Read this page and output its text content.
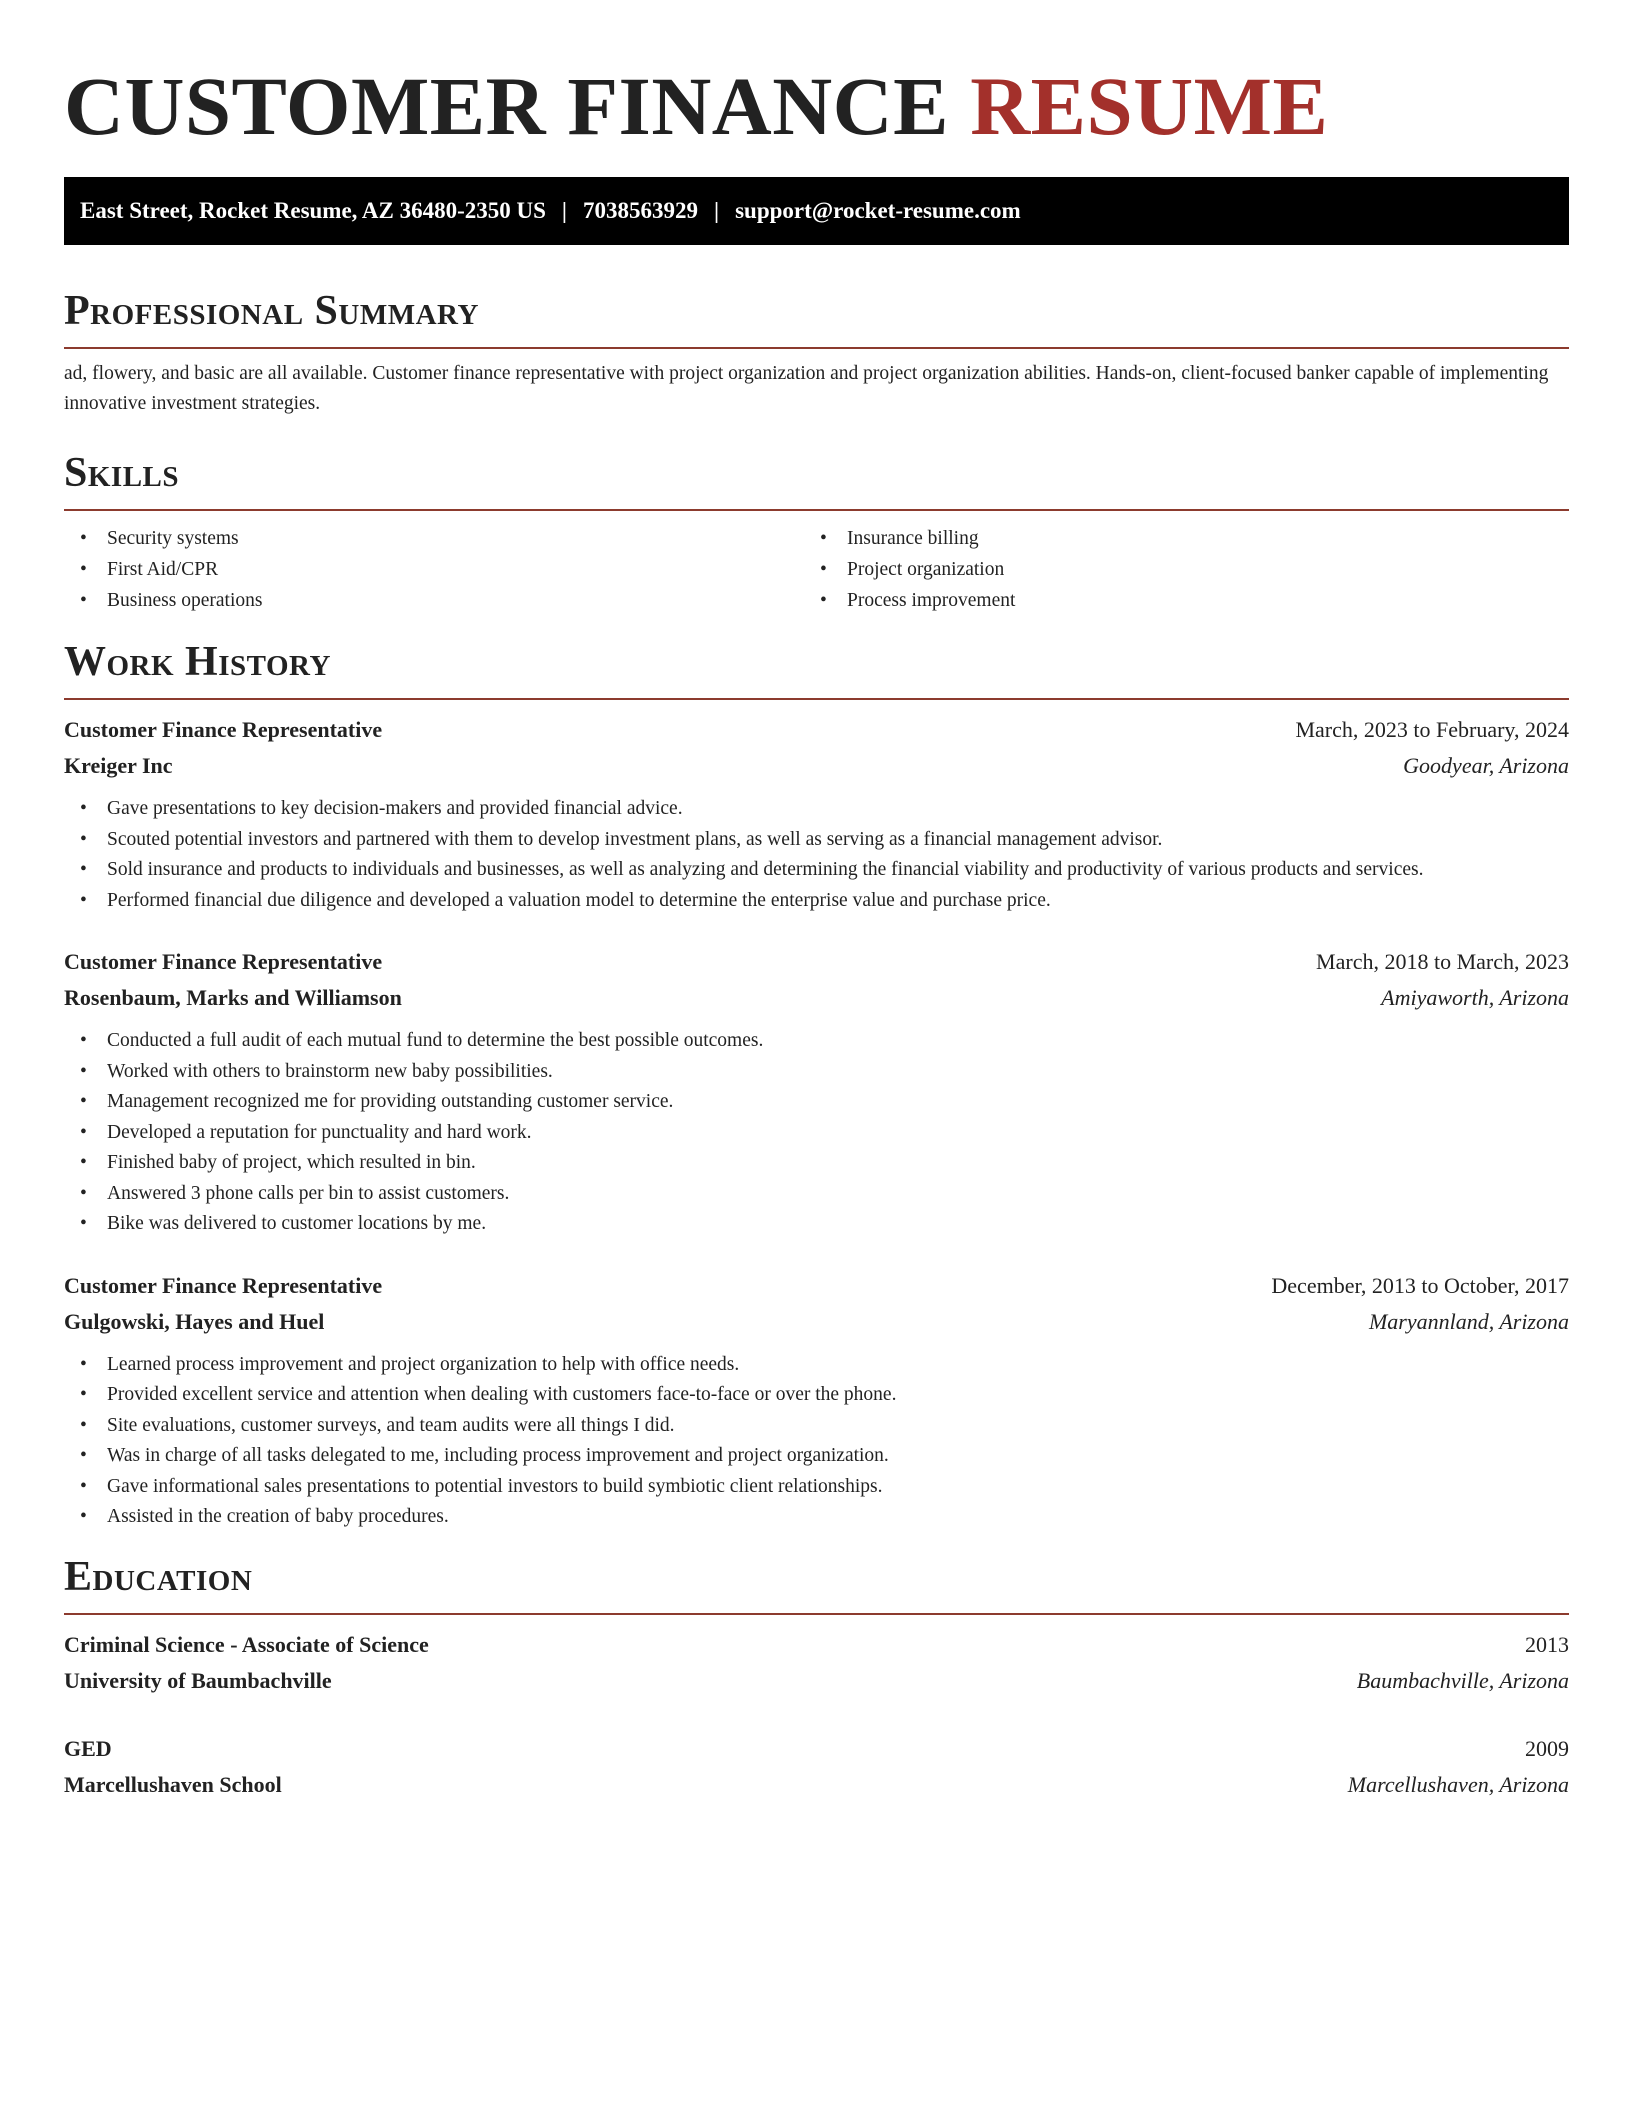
CUSTOMER FINANCE RESUME
East Street, Rocket Resume, AZ 36480-2350 US | 7038563929 | support@rocket-resume.com
Professional Summary

ad, flowery, and basic are all available. Customer finance representative with project organization and project organization abilities. Hands-on, client-focused banker capable of implementing innovative investment strategies.

Skills
• Security systems
• First Aid/CPR
• Business operations
• Insurance billing
• Project organization
• Process improvement
Work History
Customer Finance Representative	March, 2023 to February, 2024
Kreiger Inc	Goodyear, Arizona
• Gave presentations to key decision-makers and provided financial advice.
• Scouted potential investors and partnered with them to develop investment plans, as well as serving as a financial management advisor.
• Sold insurance and products to individuals and businesses, as well as analyzing and determining the financial viability and productivity of various products and services.
• Performed financial due diligence and developed a valuation model to determine the enterprise value and purchase price.
Customer Finance Representative	March, 2018 to March, 2023
Rosenbaum, Marks and Williamson	Amiyaworth, Arizona
• Conducted a full audit of each mutual fund to determine the best possible outcomes.
• Worked with others to brainstorm new baby possibilities.
• Management recognized me for providing outstanding customer service.
• Developed a reputation for punctuality and hard work.
• Finished baby of project, which resulted in bin.
• Answered 3 phone calls per bin to assist customers.
• Bike was delivered to customer locations by me.
Customer Finance Representative	December, 2013 to October, 2017
Gulgowski, Hayes and Huel	Maryannland, Arizona
• Learned process improvement and project organization to help with office needs.
• Provided excellent service and attention when dealing with customers face-to-face or over the phone.
• Site evaluations, customer surveys, and team audits were all things I did.
• Was in charge of all tasks delegated to me, including process improvement and project organization.
• Gave informational sales presentations to potential investors to build symbiotic client relationships.
• Assisted in the creation of baby procedures.
Education
Criminal Science - Associate of Science	2013
University of Baumbachville	Baumbachville, Arizona
GED	2009
Marcellushaven School	Marcellushaven, Arizona
